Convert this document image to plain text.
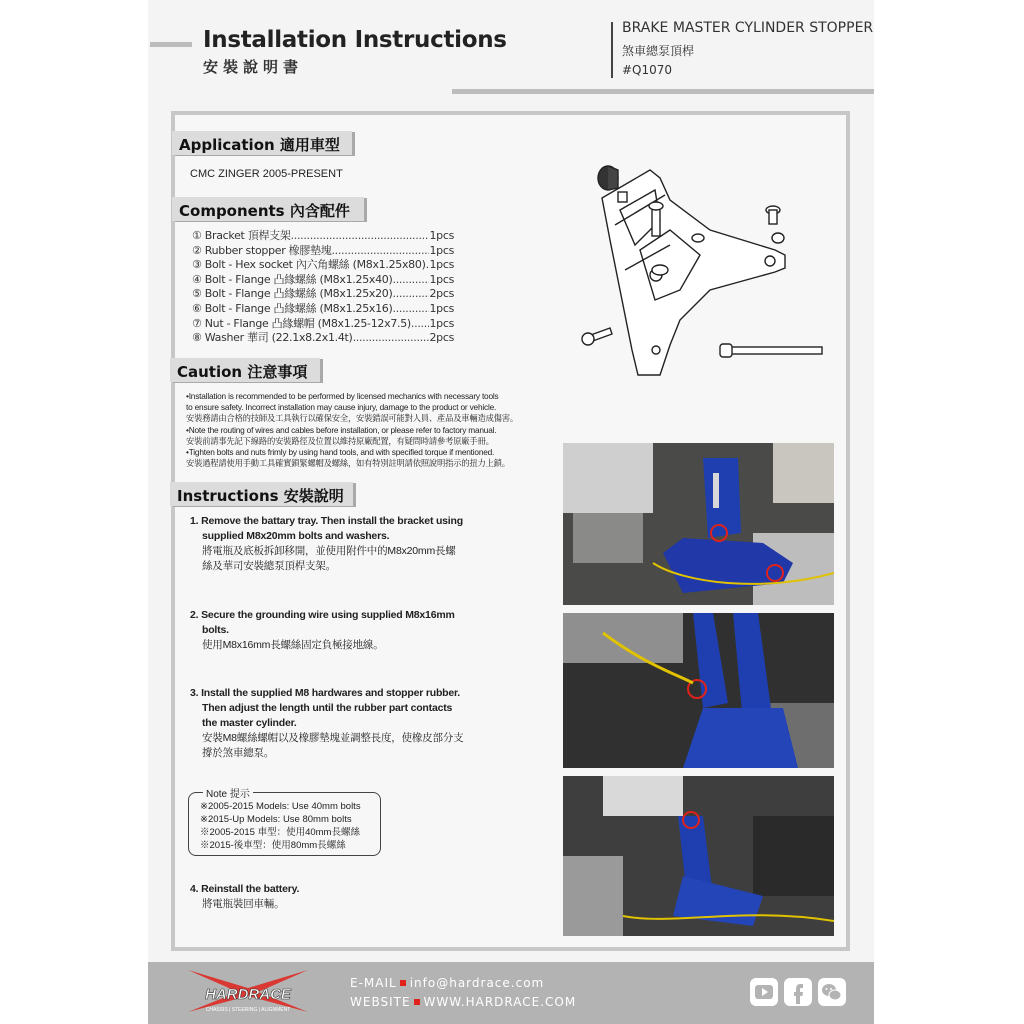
Installation Instructions
安裝說明書
BRAKE MASTER CYLINDER STOPPER
煞車總泵頂桿
#Q1070
Application 適用車型
CMC ZINGER 2005-PRESENT
Components 內含配件
① Bracket 頂桿支架 .....	1pcs
② Rubber stopper 橡膠墊塊 .....	1pcs
③ Bolt - Hex socket 內六角螺絲 (M8x1.25x80) ..... 1pcs
④ Bolt - Flange 凸緣螺絲 (M8x1.25x40) .....	1pcs
⑤ Bolt - Flange 凸緣螺絲 (M8x1.25x20) .....	2pcs
⑥ Bolt - Flange 凸緣螺絲 (M8x1.25x16) .....	1pcs
⑦ Nut - Flange 凸緣螺帽 (M8x1.25-12x7.5) ..... 1pcs
⑧ Washer 華司 (22.1x8.2x1.4t) .....	2pcs
Caution 注意事項

•Installation is recommended to be performed by licensed mechanics with necessary tools

to ensure safety. Incorrect installation may cause injury, damage to the product or vehicle.

安裝務請由合格的技師及工具執行以確保安全，安裝錯誤可能對人員、產品及車輛造成傷害。

•Note the routing of wires and cables before installation, or please refer to factory manual.

安裝前請事先記下線路的安裝路徑及位置以維持原廠配置，有疑問時請參考原廠手冊。

•Tighten bolts and nuts frimly by using hand tools, and with specified torque if mentioned.

安裝過程請使用手動工具確實鎖緊螺帽及螺絲，如有特別註明請依照說明指示的扭力上鎖。

Instructions 安裝說明
1. Remove the battary tray. Then install the bracket using
supplied M8x20mm bolts and washers.
將電瓶及底板拆卸移開，並使用附件中的M8x20mm長螺
絲及華司安裝總泵頂桿支架。
2. Secure the grounding wire using supplied M8x16mm
bolts.
使用M8x16mm長螺絲固定負極接地線。
3. Install the supplied M8 hardwares and stopper rubber.
Then adjust the length until the rubber part contacts
the master cylinder.
安裝M8螺絲螺帽以及橡膠墊塊並調整長度，使橡皮部分支
撐於煞車總泵。
Note 提示
※2005-2015 Models: Use 40mm bolts
※2015-Up Models: Use 80mm bolts
※2005-2015 車型：使用40mm長螺絲
※2015-後車型：使用80mm長螺絲
4. Reinstall the battery.
將電瓶裝回車輛。
HARDRACE
CHASSIS | STEERING | ALIGNMENT
E-MAIL info@hardrace.com
WEBSITE WWW.HARDRACE.COM
